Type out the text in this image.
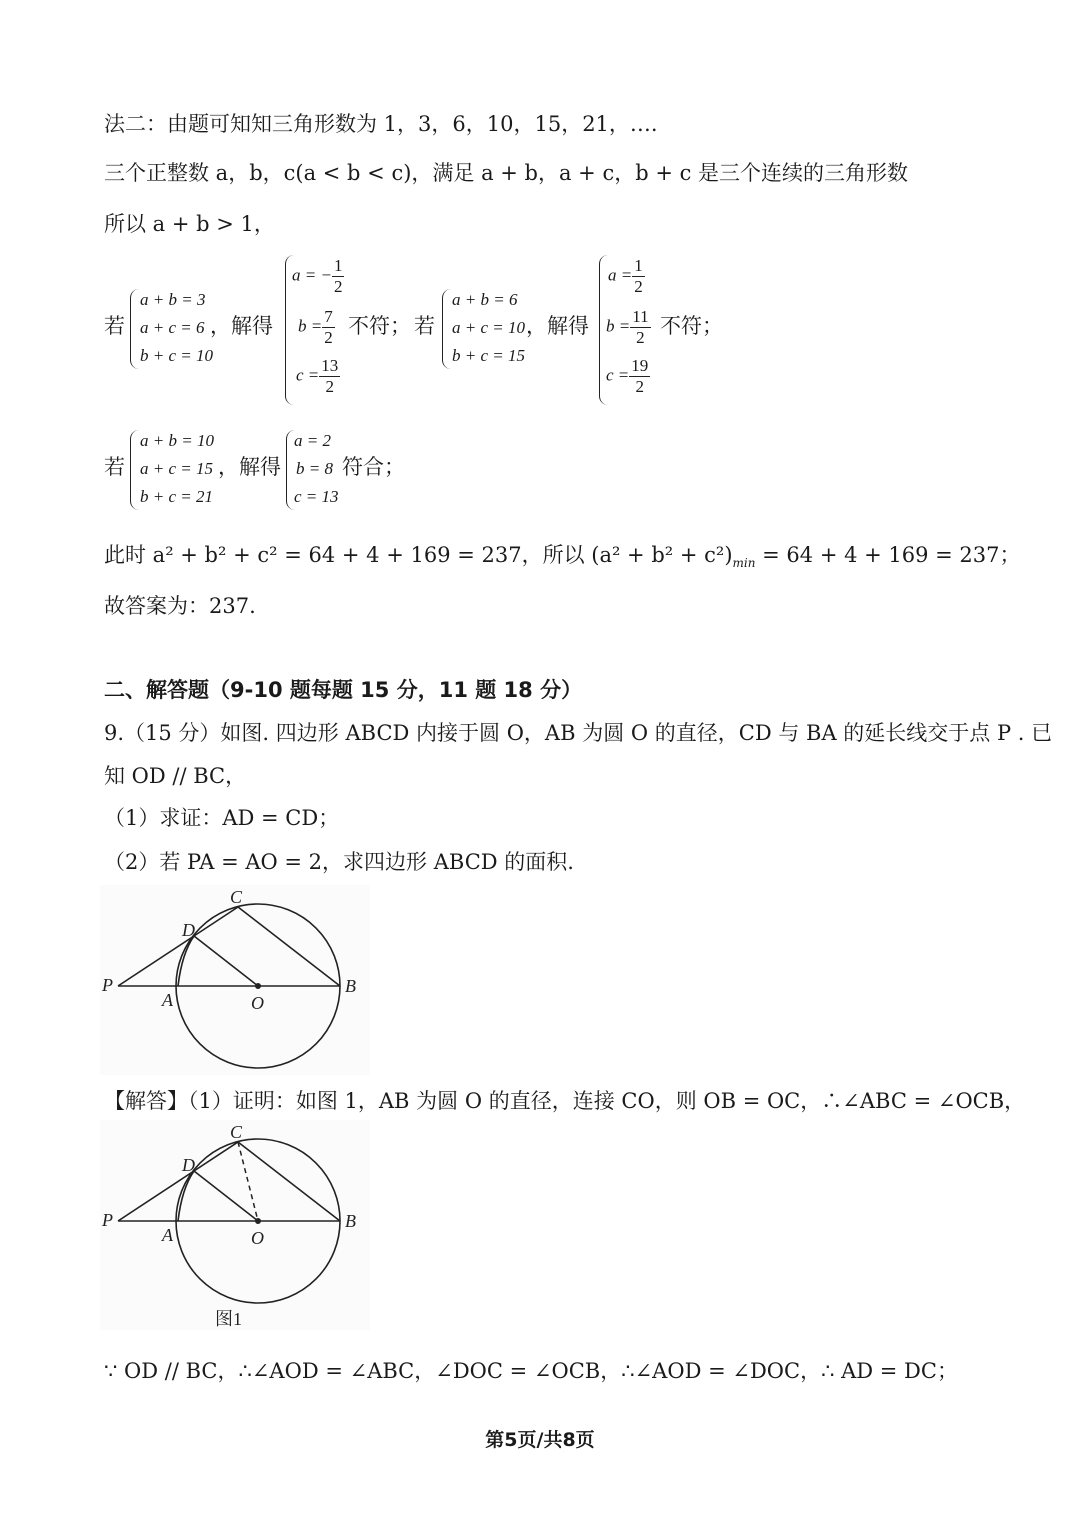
法二：由题可知知三角形数为 1，3，6，10，15，21，….
三个正整数 a，b，c(a < b < c)，满足 a + b，a + c，b + c 是三个连续的三角形数
所以 a + b > 1，
若
a + b = 3
a + c = 6
b + c = 10
，解得
a = − $\frac{1}{2}$
$b = \frac{7}{2}$
$c = \frac{13}{2}$
不符； 若
a + b = 6
a + c = 10
b + c = 15
，解得
$a = \frac{1}{2}$
$b = \frac{11}{2}$
$c = \frac{19}{2}$
不符；
若
a + b = 10
a + c = 15
b + c = 21
，解得
a = 2
b = 8
c = 13
符合；
此时 a² + b² + c² = 64 + 4 + 169 = 237，所以 $(a^2 + b^2 + c^2)_{min} = 64 + 4 + 169 = 237$；
故答案为：237.
二、解答题（9-10 题每题 15 分，11 题 18 分）
9.（15 分）如图. 四边形 ABCD 内接于圆 O，AB 为圆 O 的直径，CD 与 BA 的延长线交于点 P . 已
知 OD // BC，
（1）求证：AD = CD；
（2）若 PA = AO = 2，求四边形 ABCD 的面积.
P
A	O
B
C
D
【解答】（1）证明：如图 1，AB 为圆 O 的直径，连接 CO，则 OB = OC，∴∠ABC = ∠OCB，
P
A	O
B
C
D
图1
∵ OD // BC，∴∠AOD = ∠ABC，∠DOC = ∠OCB，∴∠AOD = ∠DOC，∴ AD = DC；
第5页/共8页
